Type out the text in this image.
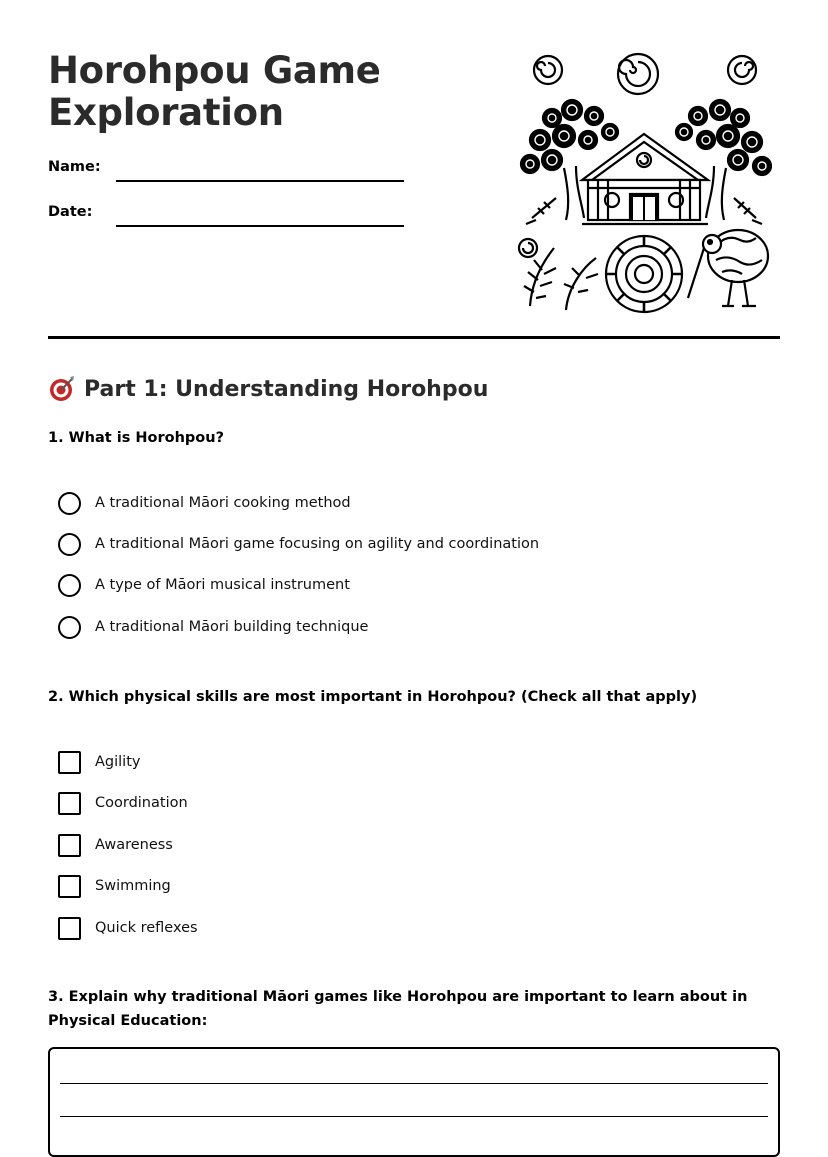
Horohpou Game
Exploration
Name:
Date:
Part 1: Understanding Horohpou
1. What is Horohpou?
A traditional Māori cooking method
A traditional Māori game focusing on agility and coordination
A type of Māori musical instrument
A traditional Māori building technique
2. Which physical skills are most important in Horohpou? (Check all that apply)
Agility
Coordination
Awareness
Swimming
Quick reflexes
3. Explain why traditional Māori games like Horohpou are important to learn about in Physical Education:
